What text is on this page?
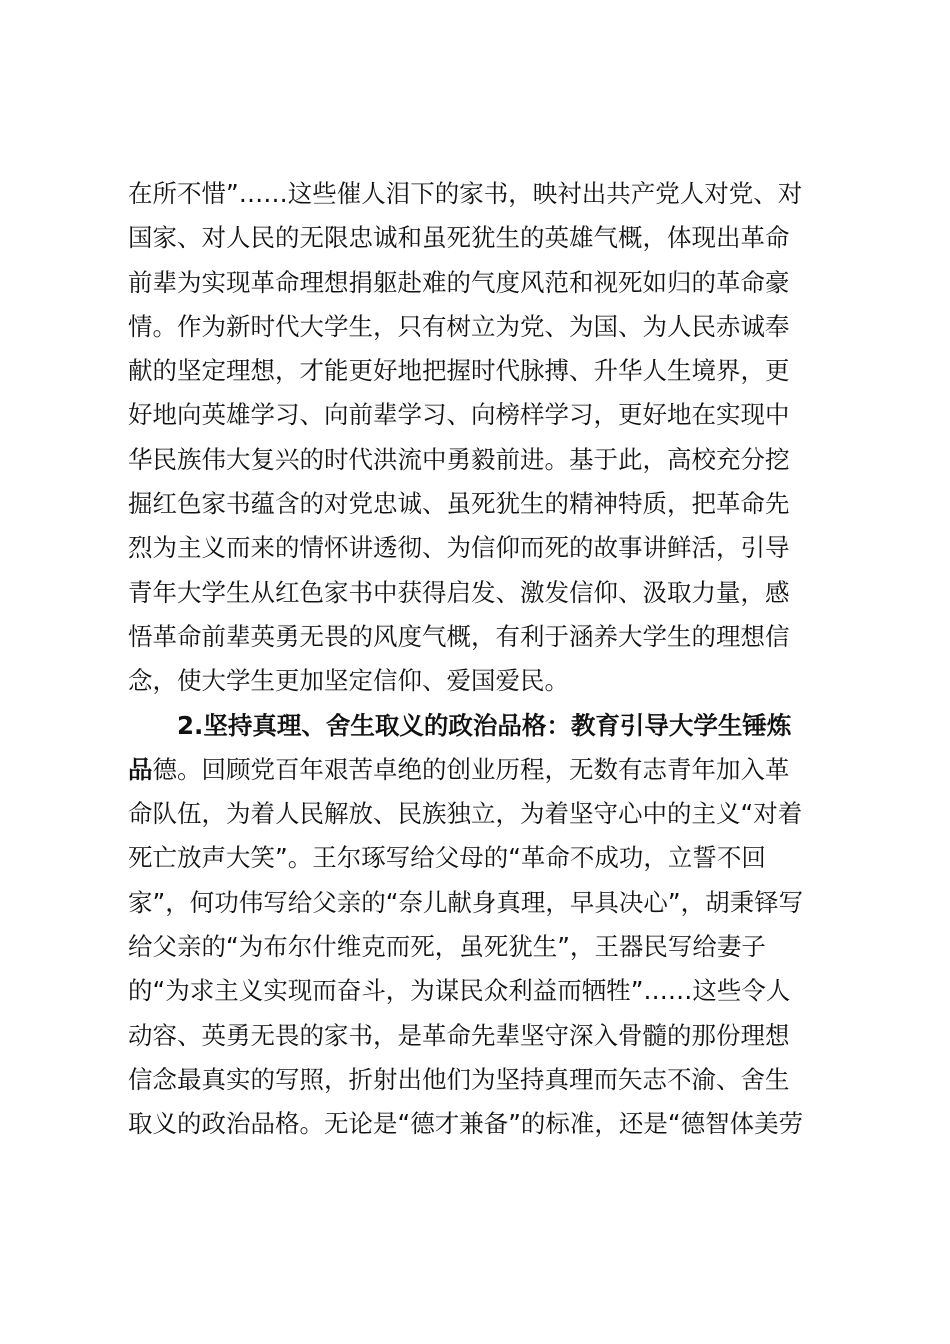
在所不惜”……这些催人泪下的家书，映衬出共产党人对党、对
国家、对人民的无限忠诚和虽死犹生的英雄气概，体现出革命
前辈为实现革命理想捐躯赴难的气度风范和视死如归的革命豪
情。作为新时代大学生，只有树立为党、为国、为人民赤诚奉
献的坚定理想，才能更好地把握时代脉搏、升华人生境界，更
好地向英雄学习、向前辈学习、向榜样学习，更好地在实现中
华民族伟大复兴的时代洪流中勇毅前进。基于此，高校充分挖
掘红色家书蕴含的对党忠诚、虽死犹生的精神特质，把革命先
烈为主义而来的情怀讲透彻、为信仰而死的故事讲鲜活，引导
青年大学生从红色家书中获得启发、激发信仰、汲取力量，感
悟革命前辈英勇无畏的风度气概，有利于涵养大学生的理想信
念，使大学生更加坚定信仰、爱国爱民。
2.坚持真理、舍生取义的政治品格：教育引导大学生锤炼
品德。回顾党百年艰苦卓绝的创业历程，无数有志青年加入革
命队伍，为着人民解放、民族独立，为着坚守心中的主义“对着
死亡放声大笑”。王尔琢写给父母的“革命不成功，立誓不回
家”，何功伟写给父亲的“奈儿献身真理，早具决心”，胡秉铎写
给父亲的“为布尔什维克而死，虽死犹生”，王器民写给妻子
的“为求主义实现而奋斗，为谋民众利益而牺牲”……这些令人
动容、英勇无畏的家书，是革命先辈坚守深入骨髓的那份理想
信念最真实的写照，折射出他们为坚持真理而矢志不渝、舍生
取义的政治品格。无论是“德才兼备”的标准，还是“德智体美劳
